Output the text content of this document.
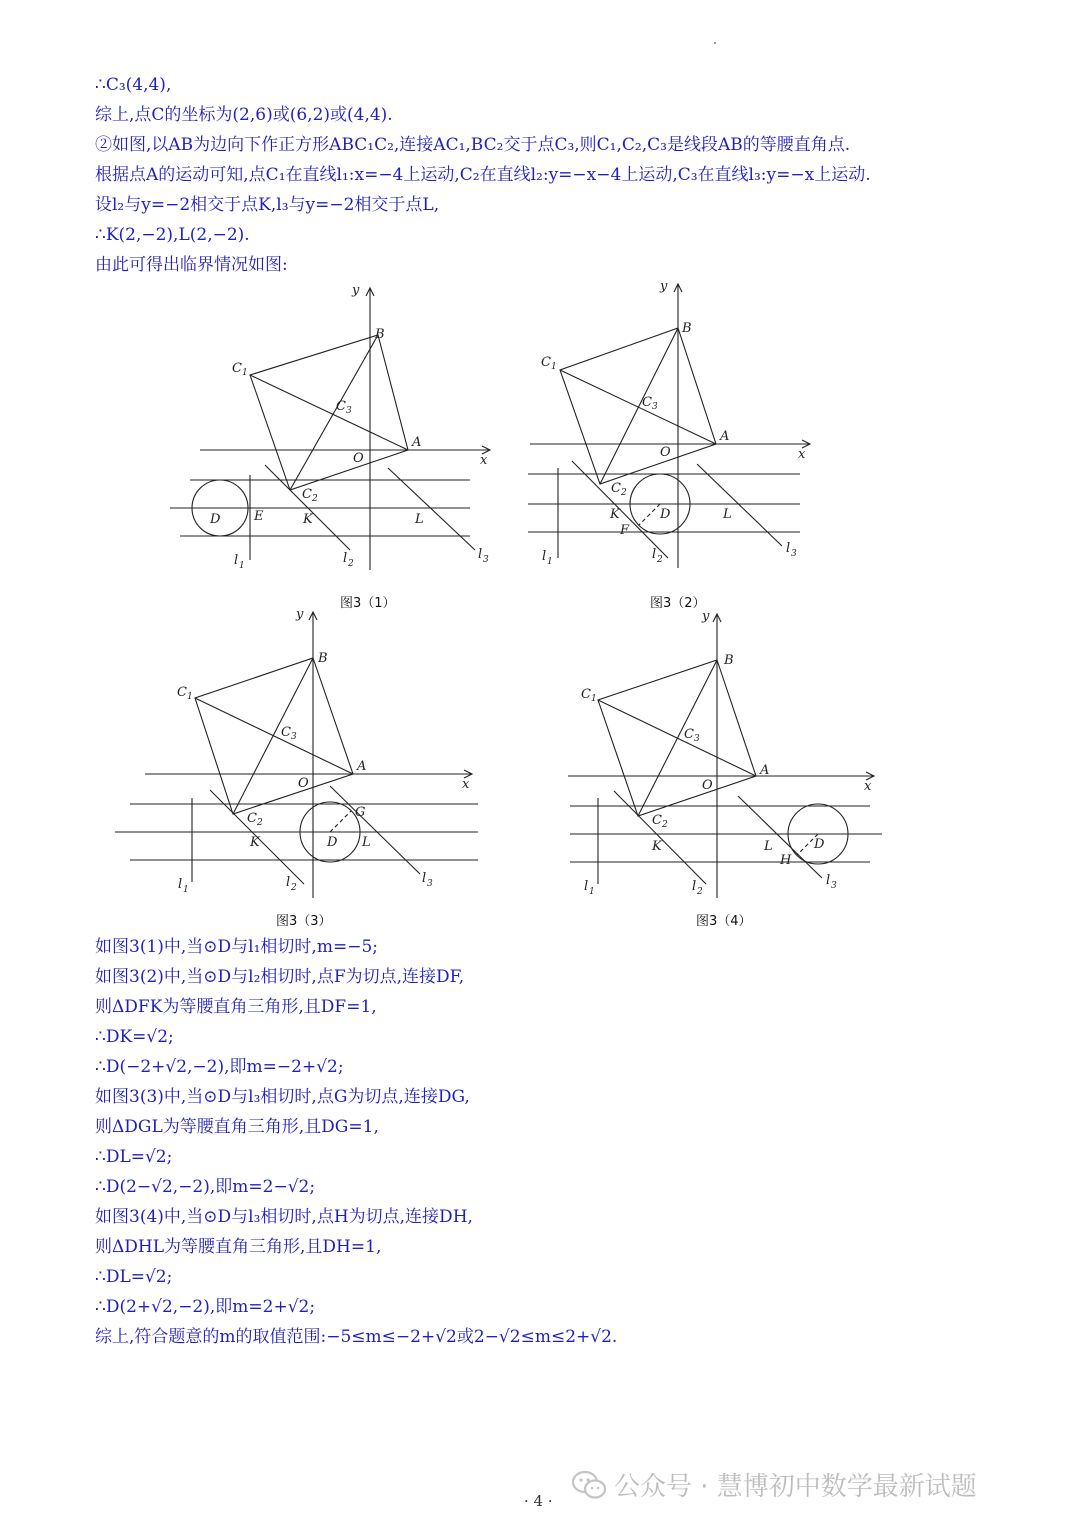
∴C₃(4,4),
综上,点C的坐标为(2,6)或(6,2)或(4,4).
②如图,以AB为边向下作正方形ABC₁C₂,连接AC₁,BC₂交于点C₃,则C₁,C₂,C₃是线段AB的等腰直角点.
根据点A的运动可知,点C₁在直线l₁:x=−4上运动,C₂在直线l₂:y=−x−4上运动,C₃在直线l₃:y=−x上运动.
设l₂与y=−2相交于点K,l₃与y=−2相交于点L,
∴K(2,−2),L(2,−2).
由此可得出临界情况如图:
y
x
O
A
B
C 1
C 3
C 2
D	E	K	L
l 1	l 2
l 3
图3（1）
y
x
O
A
B
C 1
C 3
C 2
D
K
F
L
l 1	l 2
l 3
图3（2）
y
x
O
A
B
C 1
C 3
C 2
D
G
L
K
l 1	l 2
l 3
图3（3）
y
x
O
A
B
C 1
C 3
C 2
D
H
L
K
l 1	l 2
l 3
图3（4）
如图3(1)中,当⊙D与l₁相切时,m=−5;
如图3(2)中,当⊙D与l₂相切时,点F为切点,连接DF,
则ΔDFK为等腰直角三角形,且DF=1,
∴DK=√2;
∴D(−2+√2,−2),即m=−2+√2;
如图3(3)中,当⊙D与l₃相切时,点G为切点,连接DG,
则ΔDGL为等腰直角三角形,且DG=1,
∴DL=√2;
∴D(2−√2,−2),即m=2−√2;
如图3(4)中,当⊙D与l₃相切时,点H为切点,连接DH,
则ΔDHL为等腰直角三角形,且DH=1,
∴DL=√2;
∴D(2+√2,−2),即m=2+√2;
综上,符合题意的m的取值范围:−5≤m≤−2+√2或2−√2≤m≤2+√2.
公众号 · 慧博初中数学最新试题
· 4 ·
